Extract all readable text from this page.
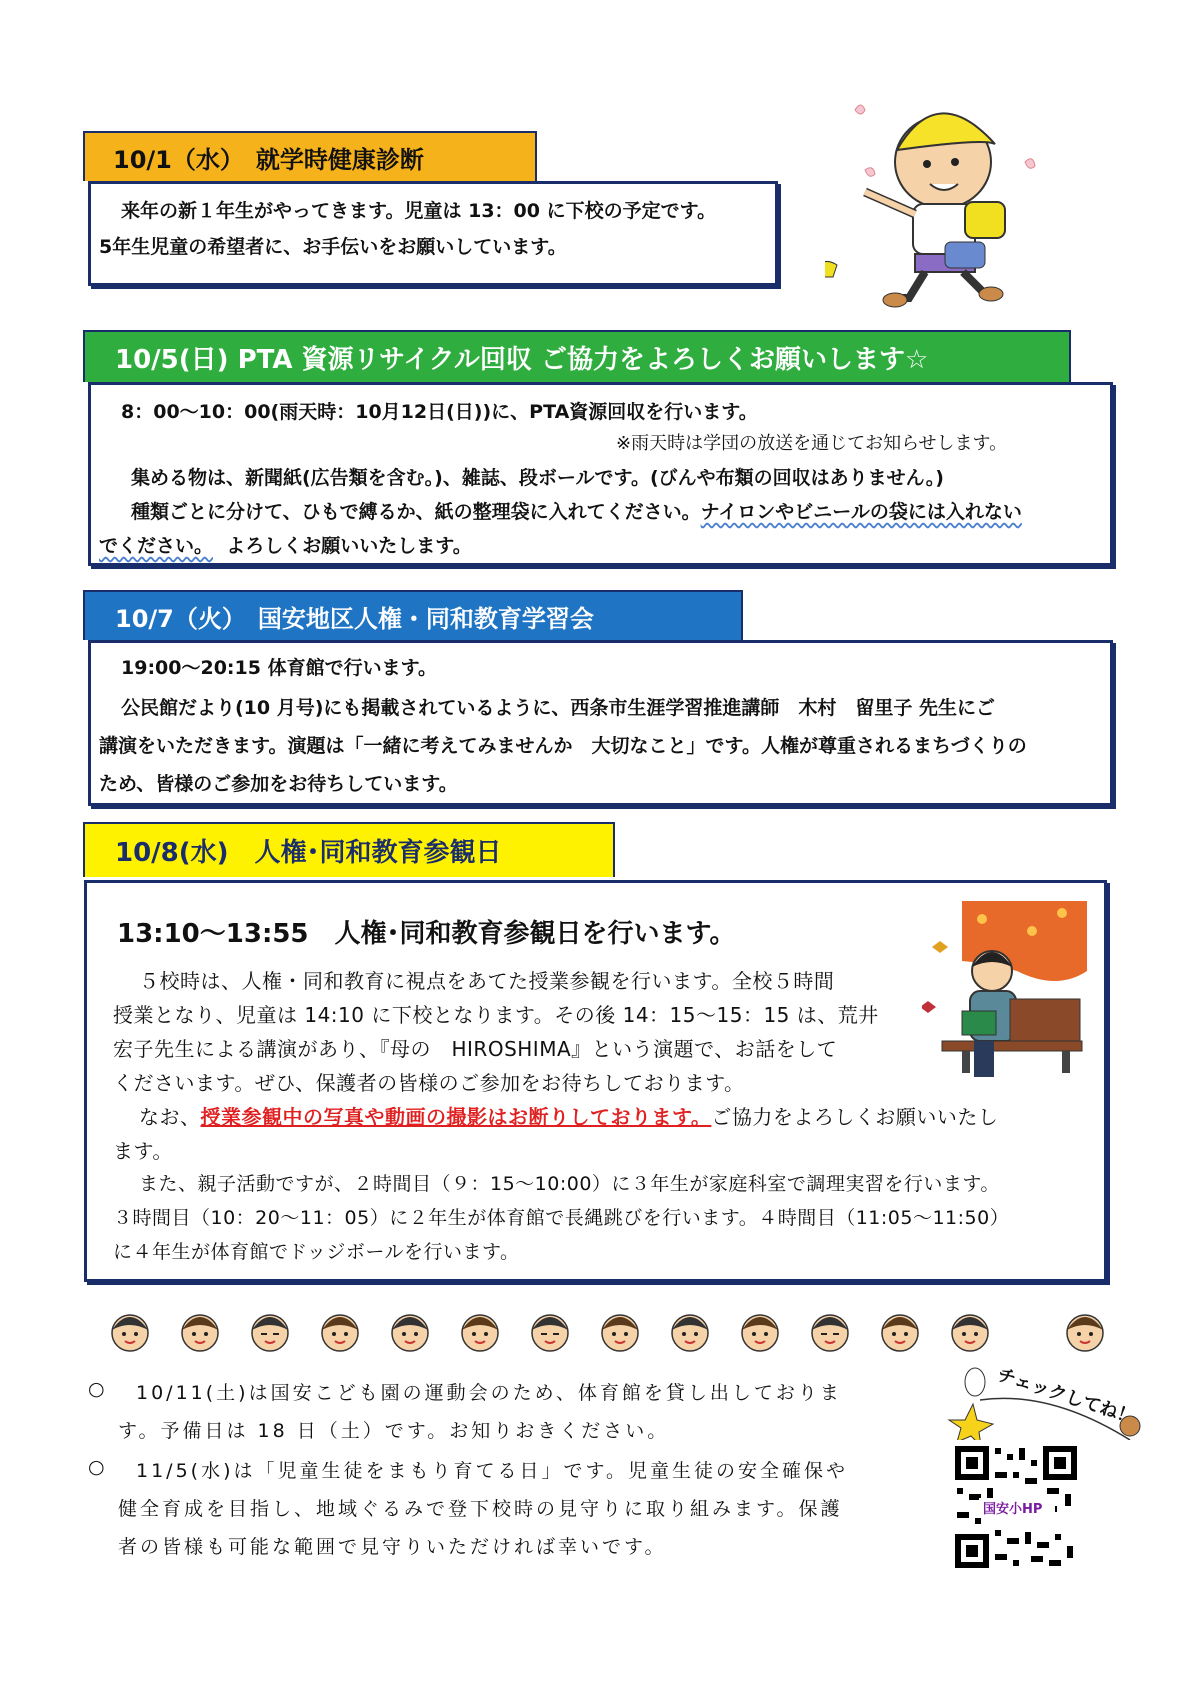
10/1（水）　就学時健康診断
来年の新１年生がやってきます。児童は 13：00 に下校の予定です。
5年生児童の希望者に、お手伝いをお願いしています。
10/5(日) PTA 資源リサイクル回収 ご協力をよろしくお願いします☆
8：00～10：00(雨天時：10月12日(日))に、PTA資源回収を行います。
※雨天時は学団の放送を通じてお知らせします。
集める物は、新聞紙(広告類を含む。)、雑誌、段ボールです。(びんや布類の回収はありません。)
種類ごとに分けて、ひもで縛るか、紙の整理袋に入れてください。ナイロンやビニールの袋には入れない
でください。 よろしくお願いいたします。
10/7（火）　国安地区人権・同和教育学習会
19:00～20:15 体育館で行います。
公民館だより(10 月号)にも掲載されているように、西条市生涯学習推進講師　木村　留里子 先生にご
講演をいただきます。演題は「一緒に考えてみませんか　大切なこと」です。人権が尊重されるまちづくりの
ため、皆様のご参加をお待ちしています。
10/8(水)　人権･同和教育参観日
13:10～13:55　人権･同和教育参観日を行います。
５校時は、人権・同和教育に視点をあてた授業参観を行います。全校５時間
授業となり、児童は 14:10 に下校となります。その後 14：15～15：15 は、荒井
宏子先生による講演があり、『母の　HIROSHIMA』という演題で、お話をして
くださいます。ぜひ、保護者の皆様のご参加をお待ちしております。
なお、授業参観中の写真や動画の撮影はお断りしております。ご協力をよろしくお願いいたし
ます。
また、親子活動ですが、２時間目（９：15～10:00）に３年生が家庭科室で調理実習を行います。
３時間目（10：20～11：05）に２年生が体育館で長縄跳びを行います。４時間目（11:05～11:50）
に４年生が体育館でドッジボールを行います。
○ 10/11(土)は国安こども園の運動会のため、体育館を貸し出しておりま
す。予備日は 18 日（土）です。お知りおきください。
○ 11/5(水)は「児童生徒をまもり育てる日」です。児童生徒の安全確保や
健全育成を目指し、地域ぐるみで登下校時の見守りに取り組みます。保護
者の皆様も可能な範囲で見守りいただければ幸いです。
チェックしてね！
国安小HP
